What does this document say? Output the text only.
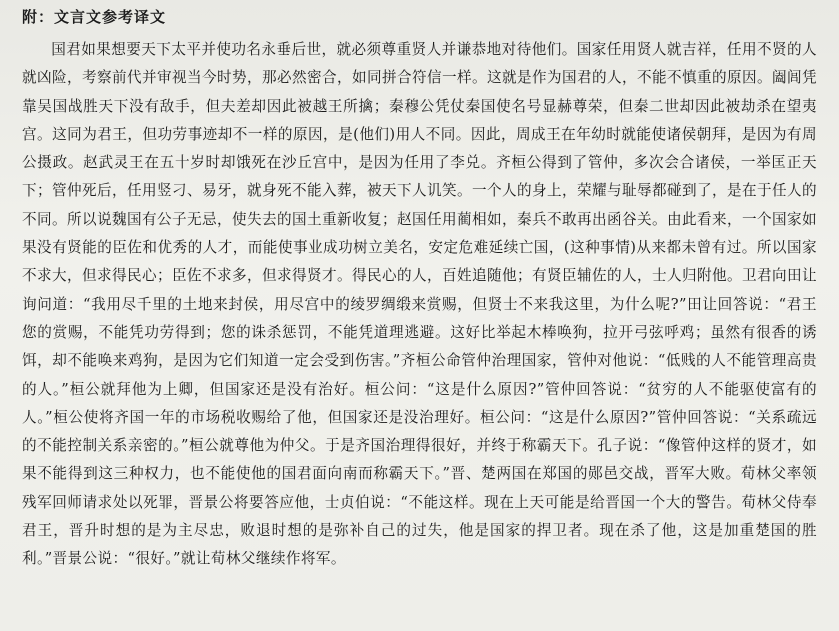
附：文言文参考译文
国君如果想要天下太平并使功名永垂后世，就必须尊重贤人并谦恭地对待他们。国家任用贤人就吉祥，任用不贤的人就凶险，考察前代并审视当今时势，那必然密合，如同拼合符信一样。这就是作为国君的人，不能不慎重的原因。阖闾凭靠吴国战胜天下没有敌手，但夫差却因此被越王所擒；秦穆公凭仗秦国使名号显赫尊荣，但秦二世却因此被劫杀在望夷宫。这同为君王，但功劳事迹却不一样的原因，是(他们)用人不同。因此，周成王在年幼时就能使诸侯朝拜，是因为有周公摄政。赵武灵王在五十岁时却饿死在沙丘宫中，是因为任用了李兑。齐桓公得到了管仲，多次会合诸侯，一举匡正天下；管仲死后，任用竖刁、易牙，就身死不能入葬，被天下人讥笑。一个人的身上，荣耀与耻辱都碰到了，是在于任人的不同。所以说魏国有公子无忌，使失去的国土重新收复；赵国任用蔺相如，秦兵不敢再出函谷关。由此看来，一个国家如果没有贤能的臣佐和优秀的人才，而能使事业成功树立美名，安定危难延续亡国，(这种事情)从来都未曾有过。所以国家不求大，但求得民心；臣佐不求多，但求得贤才。得民心的人，百姓追随他；有贤臣辅佐的人，士人归附他。卫君向田让询问道：“我用尽千里的土地来封侯，用尽宫中的绫罗绸缎来赏赐，但贤士不来我这里，为什么呢?”田让回答说：“君王您的赏赐，不能凭功劳得到；您的诛杀惩罚，不能凭道理逃避。这好比举起木棒唤狗，拉开弓弦呼鸡；虽然有很香的诱饵，却不能唤来鸡狗，是因为它们知道一定会受到伤害。”齐桓公命管仲治理国家，管仲对他说：“低贱的人不能管理高贵的人。”桓公就拜他为上卿，但国家还是没有治好。桓公问：“这是什么原因?”管仲回答说：“贫穷的人不能驱使富有的人。”桓公使将齐国一年的市场税收赐给了他，但国家还是没治理好。桓公问：“这是什么原因?”管仲回答说：“关系疏远的不能控制关系亲密的。”桓公就尊他为仲父。于是齐国治理得很好，并终于称霸天下。孔子说：“像管仲这样的贤才，如果不能得到这三种权力，也不能使他的国君面向南而称霸天下。”晋、楚两国在郑国的郧邑交战，晋军大败。荀林父率领残军回师请求处以死罪，晋景公将要答应他，士贞伯说：“不能这样。现在上天可能是给晋国一个大的警告。荀林父侍奉君王，晋升时想的是为主尽忠，败退时想的是弥补自己的过失，他是国家的捍卫者。现在杀了他，这是加重楚国的胜利。”晋景公说：“很好。”就让荀林父继续作将军。
